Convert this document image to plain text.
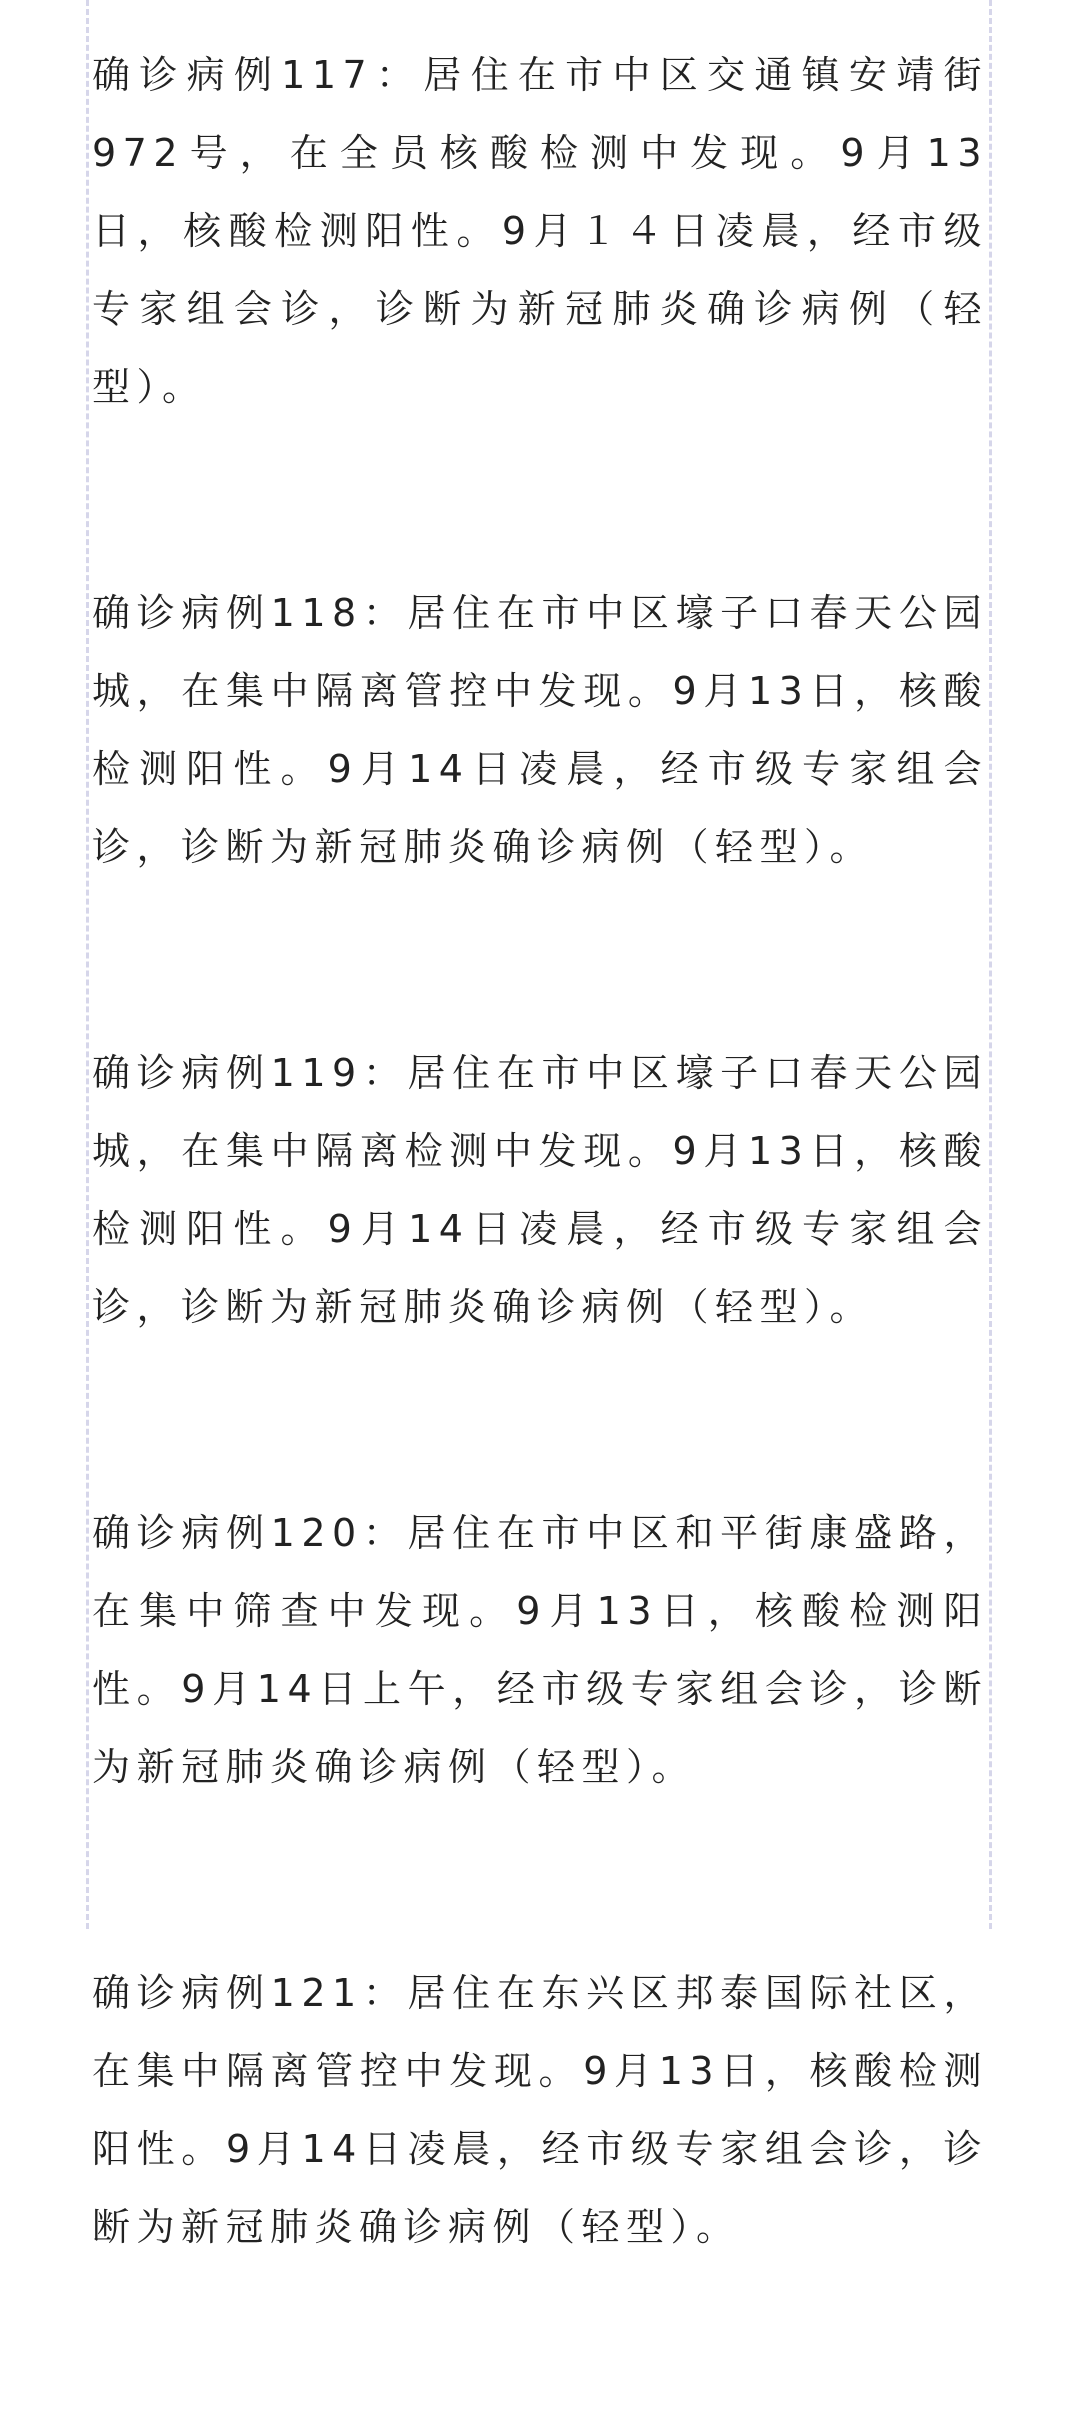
确诊病例117：居住在市中区交通镇安靖街972号，在全员核酸检测中发现。9月13日，核酸检测阳性。9月１４日凌晨，经市级专家组会诊，诊断为新冠肺炎确诊病例（轻型）。

确诊病例118：居住在市中区壕子口春天公园城，在集中隔离管控中发现。9月13日，核酸检测阳性。9月14日凌晨，经市级专家组会诊，诊断为新冠肺炎确诊病例（轻型）。

确诊病例119：居住在市中区壕子口春天公园城，在集中隔离检测中发现。9月13日，核酸检测阳性。9月14日凌晨，经市级专家组会诊，诊断为新冠肺炎确诊病例（轻型）。

确诊病例120：居住在市中区和平街康盛路，在集中筛查中发现。9月13日，核酸检测阳性。9月14日上午，经市级专家组会诊，诊断为新冠肺炎确诊病例（轻型）。

确诊病例121：居住在东兴区邦泰国际社区，在集中隔离管控中发现。9月13日，核酸检测阳性。9月14日凌晨，经市级专家组会诊，诊断为新冠肺炎确诊病例（轻型）。
